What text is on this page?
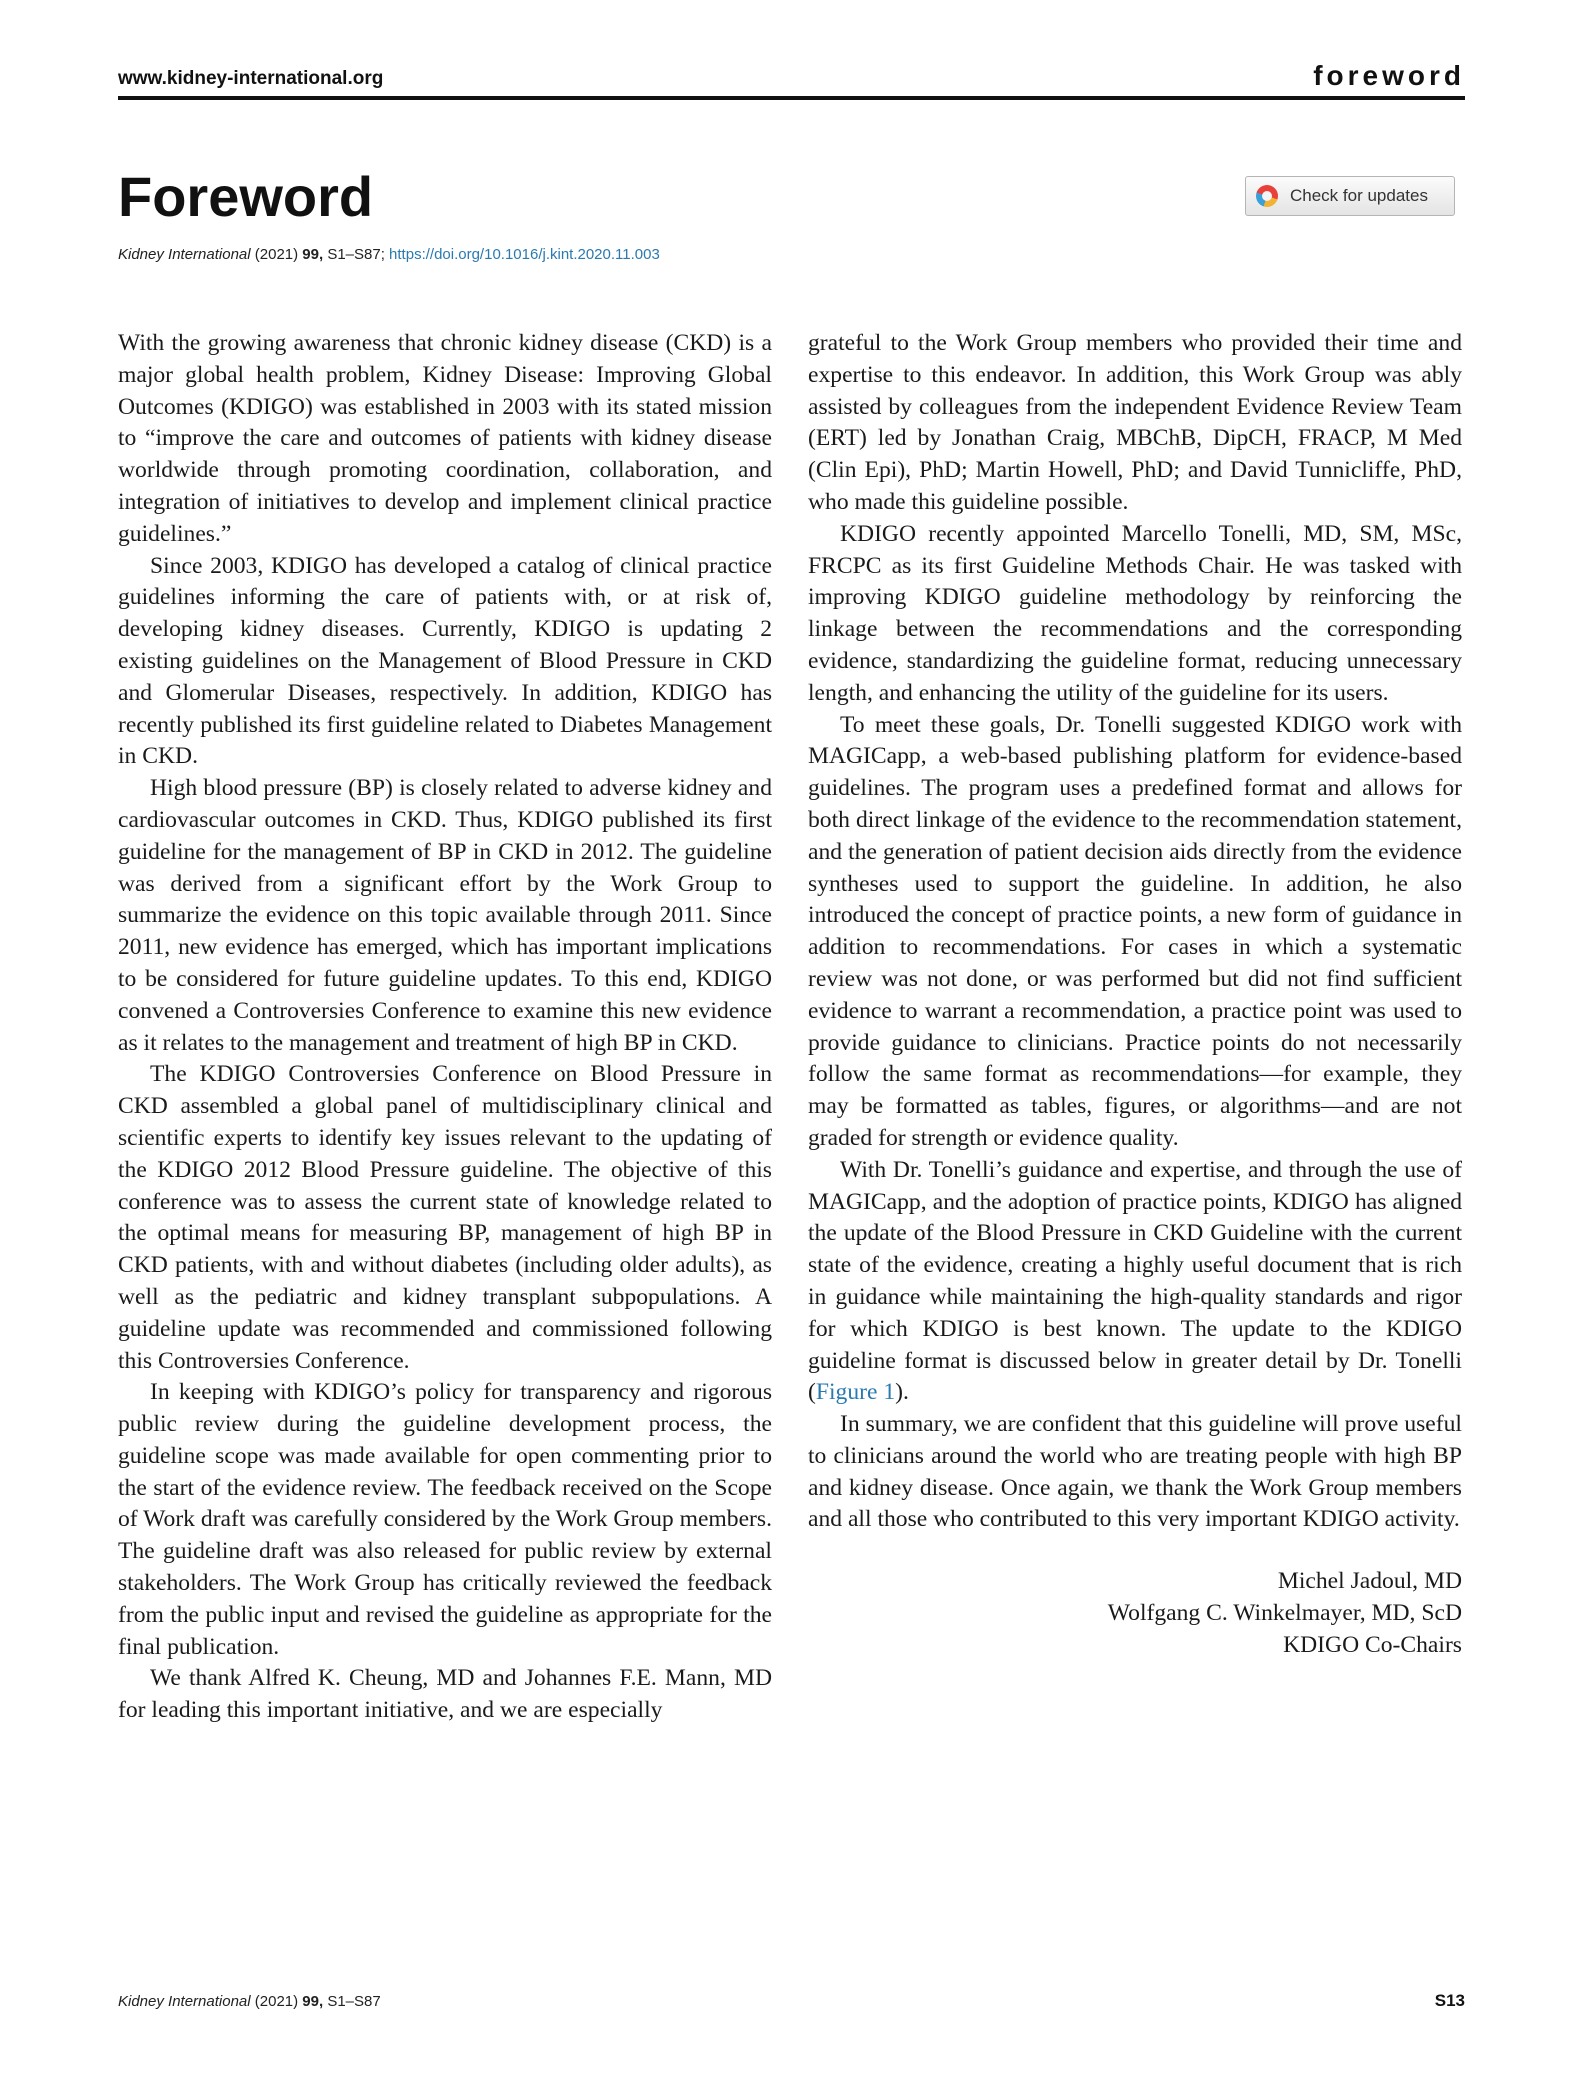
www.kidney-international.org	foreword
Foreword	Check for updates
Kidney International (2021) 99, S1–S87; https://doi.org/10.1016/j.kint.2020.11.003

With the growing awareness that chronic kidney disease (CKD) is a major global health problem, Kidney Disease: Improving Global Outcomes (KDIGO) was established in 2003 with its stated mission to “improve the care and outcomes of patients with kidney disease worldwide through promoting coordination, collaboration, and integration of initiatives to develop and implement clinical practice guidelines.”

Since 2003, KDIGO has developed a catalog of clinical practice guidelines informing the care of patients with, or at risk of, developing kidney diseases. Currently, KDIGO is updating 2 existing guidelines on the Management of Blood Pressure in CKD and Glomerular Diseases, respectively. In addition, KDIGO has recently published its first guideline related to Diabetes Management in CKD.

High blood pressure (BP) is closely related to adverse kidney and cardiovascular outcomes in CKD. Thus, KDIGO published its first guideline for the management of BP in CKD in 2012. The guideline was derived from a significant effort by the Work Group to summarize the evidence on this topic available through 2011. Since 2011, new evidence has emerged, which has important implications to be considered for future guideline updates. To this end, KDIGO convened a Controversies Conference to examine this new evidence as it relates to the management and treatment of high BP in CKD.

The KDIGO Controversies Conference on Blood Pressure in CKD assembled a global panel of multidisciplinary clinical and scientific experts to identify key issues relevant to the updating of the KDIGO 2012 Blood Pressure guideline. The objective of this conference was to assess the current state of knowledge related to the optimal means for measuring BP, management of high BP in CKD patients, with and without diabetes (including older adults), as well as the pediatric and kidney transplant subpopulations. A guideline update was recommended and commissioned following this Controversies Conference.

In keeping with KDIGO’s policy for transparency and rigorous public review during the guideline development process, the guideline scope was made available for open commenting prior to the start of the evidence review. The feedback received on the Scope of Work draft was carefully considered by the Work Group members. The guideline draft was also released for public review by external stakeholders. The Work Group has critically reviewed the feedback from the public input and revised the guideline as appropriate for the final publication.

We thank Alfred K. Cheung, MD and Johannes F.E. Mann, MD for leading this important initiative, and we are especially

grateful to the Work Group members who provided their time and expertise to this endeavor. In addition, this Work Group was ably assisted by colleagues from the independent Evidence Review Team (ERT) led by Jonathan Craig, MBChB, DipCH, FRACP, M Med (Clin Epi), PhD; Martin Howell, PhD; and David Tunnicliffe, PhD, who made this guideline possible.

KDIGO recently appointed Marcello Tonelli, MD, SM, MSc, FRCPC as its first Guideline Methods Chair. He was tasked with improving KDIGO guideline methodology by reinforcing the linkage between the recommendations and the corresponding evidence, standardizing the guideline format, reducing unnecessary length, and enhancing the utility of the guideline for its users.

To meet these goals, Dr. Tonelli suggested KDIGO work with MAGICapp, a web-based publishing platform for evidence-based guidelines. The program uses a predefined format and allows for both direct linkage of the evidence to the recommendation statement, and the generation of patient decision aids directly from the evidence syntheses used to support the guideline. In addition, he also introduced the concept of practice points, a new form of guidance in addition to recommendations. For cases in which a systematic review was not done, or was performed but did not find sufficient evidence to warrant a recommendation, a practice point was used to provide guidance to clinicians. Practice points do not necessarily follow the same format as recommendations—for example, they may be formatted as tables, figures, or algorithms—and are not graded for strength or evidence quality.

With Dr. Tonelli’s guidance and expertise, and through the use of MAGICapp, and the adoption of practice points, KDIGO has aligned the update of the Blood Pressure in CKD Guideline with the current state of the evidence, creating a highly useful document that is rich in guidance while maintaining the high-quality standards and rigor for which KDIGO is best known. The update to the KDIGO guideline format is discussed below in greater detail by Dr. Tonelli (Figure 1).

In summary, we are confident that this guideline will prove useful to clinicians around the world who are treating people with high BP and kidney disease. Once again, we thank the Work Group members and all those who contributed to this very important KDIGO activity.

Michel Jadoul, MD
Wolfgang C. Winkelmayer, MD, ScD
KDIGO Co-Chairs
Kidney International (2021) 99, S1–S87	S13
